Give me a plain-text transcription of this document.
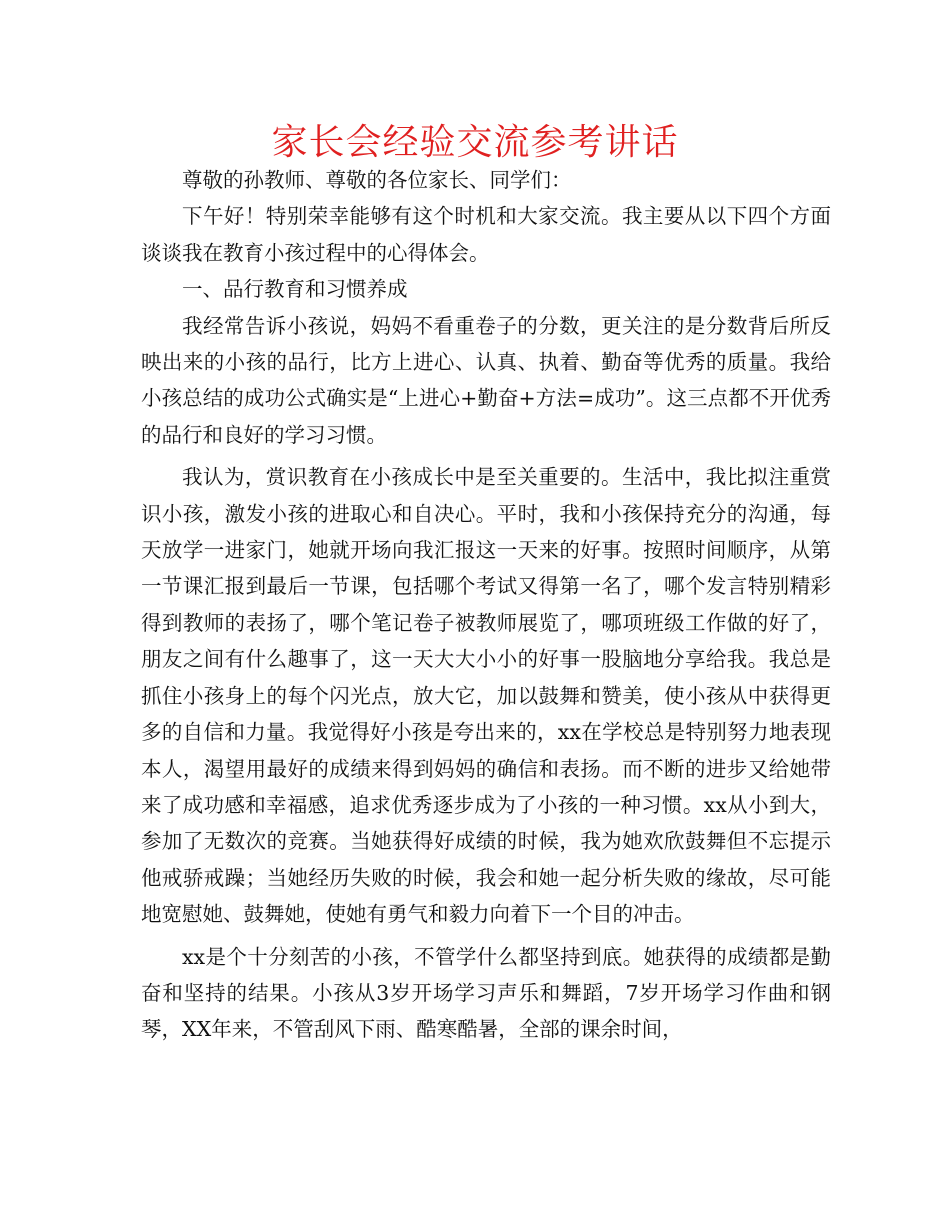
家长会经验交流参考讲话

尊敬的孙教师、尊敬的各位家长、同学们：

下午好！特别荣幸能够有这个时机和大家交流。我主要从以下四个方面谈谈我在教育小孩过程中的心得体会。

一、品行教育和习惯养成

我经常告诉小孩说，妈妈不看重卷子的分数，更关注的是分数背后所反映出来的小孩的品行，比方上进心、认真、执着、勤奋等优秀的质量。我给小孩总结的成功公式确实是“上进心+勤奋+方法=成功”。这三点都不开优秀的品行和良好的学习习惯。

我认为，赏识教育在小孩成长中是至关重要的。生活中，我比拟注重赏识小孩，激发小孩的进取心和自决心。平时，我和小孩保持充分的沟通，每天放学一进家门，她就开场向我汇报这一天来的好事。按照时间顺序，从第一节课汇报到最后一节课，包括哪个考试又得第一名了，哪个发言特别精彩得到教师的表扬了，哪个笔记卷子被教师展览了，哪项班级工作做的好了，朋友之间有什么趣事了，这一天大大小小的好事一股脑地分享给我。我总是抓住小孩身上的每个闪光点，放大它，加以鼓舞和赞美，使小孩从中获得更多的自信和力量。我觉得好小孩是夸出来的，xx在学校总是特别努力地表现本人，渴望用最好的成绩来得到妈妈的确信和表扬。而不断的进步又给她带来了成功感和幸福感，追求优秀逐步成为了小孩的一种习惯。xx从小到大，参加了无数次的竞赛。当她获得好成绩的时候，我为她欢欣鼓舞但不忘提示他戒骄戒躁；当她经历失败的时候，我会和她一起分析失败的缘故，尽可能地宽慰她、鼓舞她，使她有勇气和毅力向着下一个目的冲击。

xx是个十分刻苦的小孩，不管学什么都坚持到底。她获得的成绩都是勤奋和坚持的结果。小孩从3岁开场学习声乐和舞蹈，7岁开场学习作曲和钢琴，XX年来，不管刮风下雨、酷寒酷暑，全部的课余时间，
